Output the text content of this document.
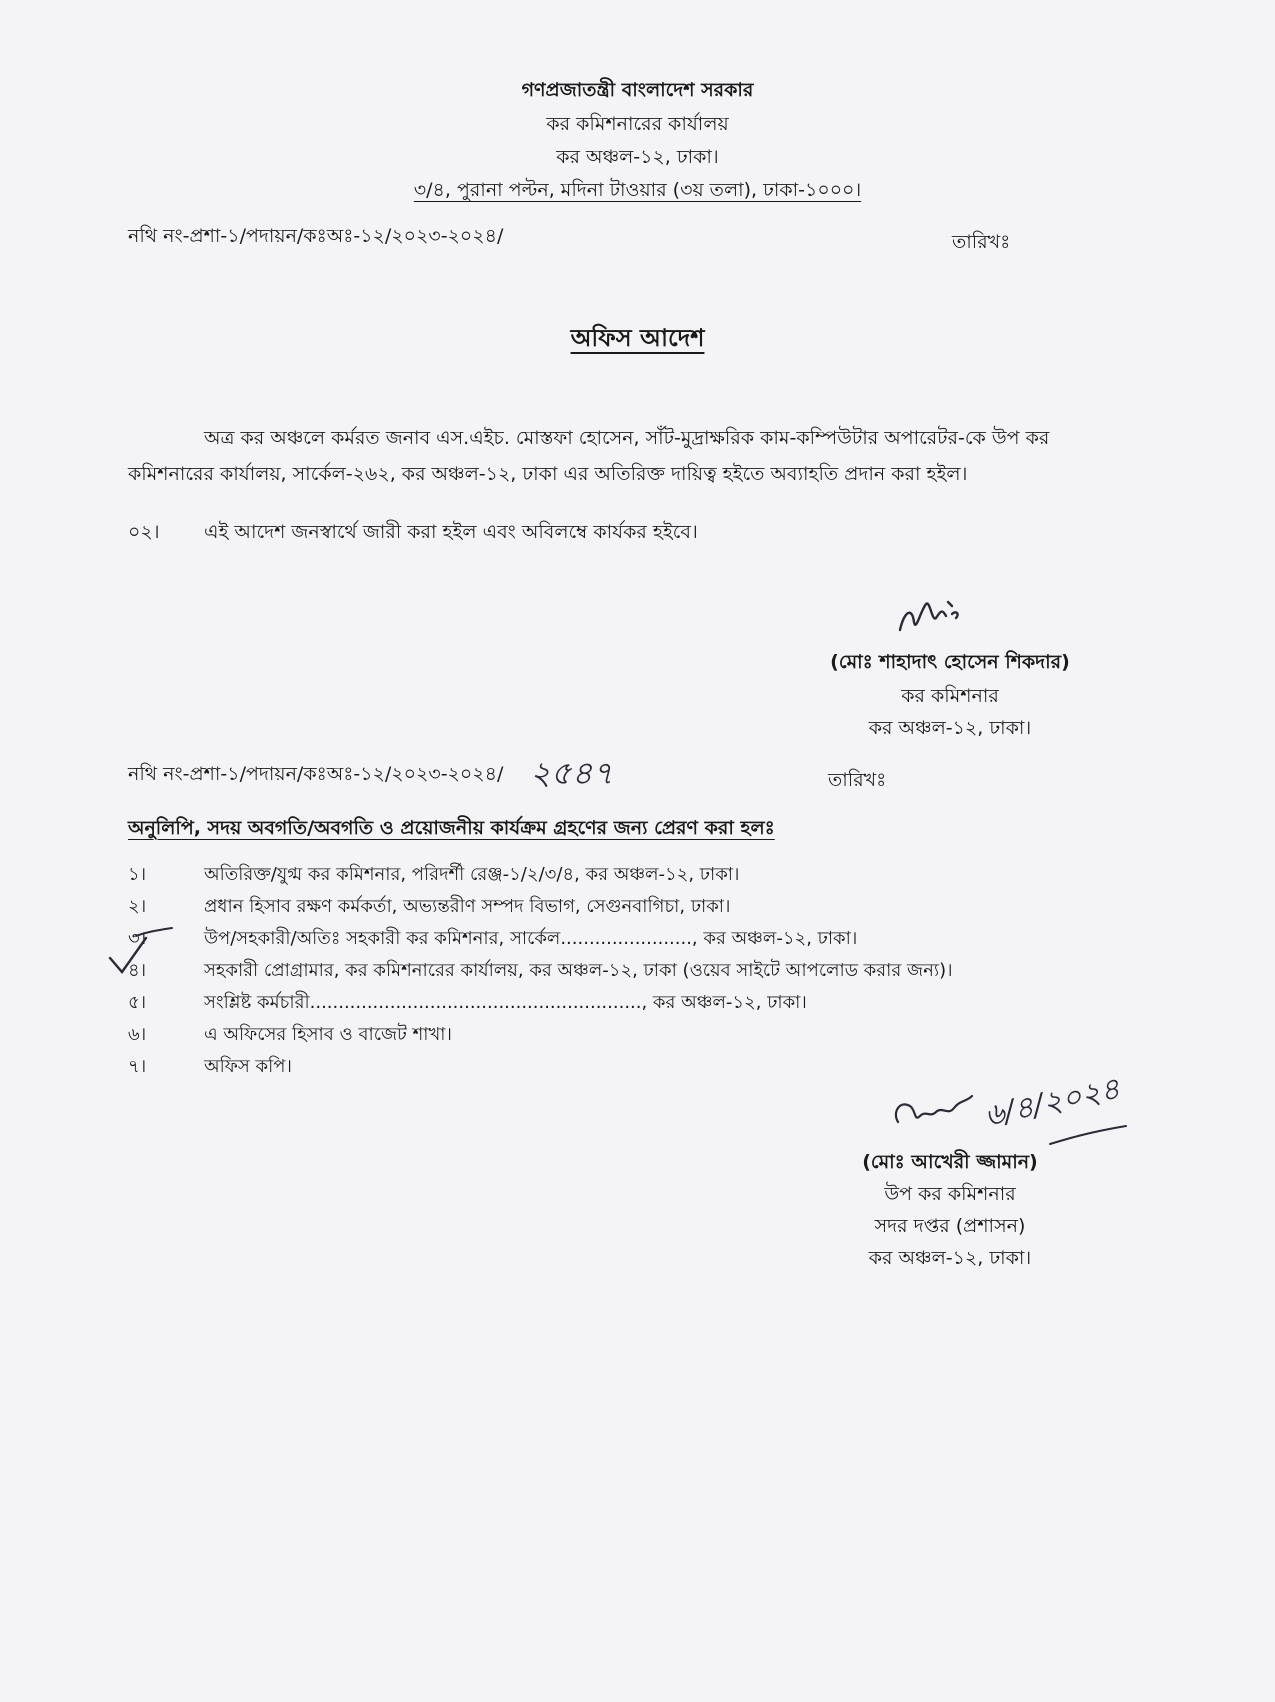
গণপ্রজাতন্ত্রী বাংলাদেশ সরকার
কর কমিশনারের কার্যালয়
কর অঞ্চল-১২, ঢাকা।
৩/৪, পুরানা পল্টন, মদিনা টাওয়ার (৩য় তলা), ঢাকা-১০০০।
নথি নং-প্রশা-১/পদায়ন/কঃঅঃ-১২/২০২৩-২০২৪/	তারিখঃ
অফিস আদেশ
অত্র কর অঞ্চলে কর্মরত জনাব এস.এইচ. মোস্তফা হোসেন, সাঁট-মুদ্রাক্ষরিক কাম-কম্পিউটার অপারেটর-কে উপ কর কমিশনারের কার্যালয়, সার্কেল-২৬২, কর অঞ্চল-১২, ঢাকা এর অতিরিক্ত দায়িত্ব হইতে অব্যাহতি প্রদান করা হইল।
০২। এই আদেশ জনস্বার্থে জারী করা হইল এবং অবিলম্বে কার্যকর হইবে।
(মোঃ শাহাদাৎ হোসেন শিকদার)
কর কমিশনার
কর অঞ্চল-১২, ঢাকা।
নথি নং-প্রশা-১/পদায়ন/কঃঅঃ-১২/২০২৩-২০২৪/ ২৫৪৭	তারিখঃ
অনুলিপি, সদয় অবগতি/অবগতি ও প্রয়োজনীয় কার্যক্রম গ্রহণের জন্য প্রেরণ করা হলঃ
১।	অতিরিক্ত/যুগ্ম কর কমিশনার, পরিদর্শী রেঞ্জ-১/২/৩/৪, কর অঞ্চল-১২, ঢাকা।
২।	প্রধান হিসাব রক্ষণ কর্মকর্তা, অভ্যন্তরীণ সম্পদ বিভাগ, সেগুনবাগিচা, ঢাকা।
৩।	উপ/সহকারী/অতিঃ সহকারী কর কমিশনার, সার্কেল......................., কর অঞ্চল-১২, ঢাকা।
৪।	সহকারী প্রোগ্রামার, কর কমিশনারের কার্যালয়, কর অঞ্চল-১২, ঢাকা (ওয়েব সাইটে আপলোড করার জন্য)।
৫।	সংশ্লিষ্ট কর্মচারী.........................................................., কর অঞ্চল-১২, ঢাকা।
৬।	এ অফিসের হিসাব ও বাজেট শাখা।
৭।	অফিস কপি।
৬/৪/২০২৪
(মোঃ আখেরী জ্জামান)
উপ কর কমিশনার
সদর দপ্তর (প্রশাসন)
কর অঞ্চল-১২, ঢাকা।
